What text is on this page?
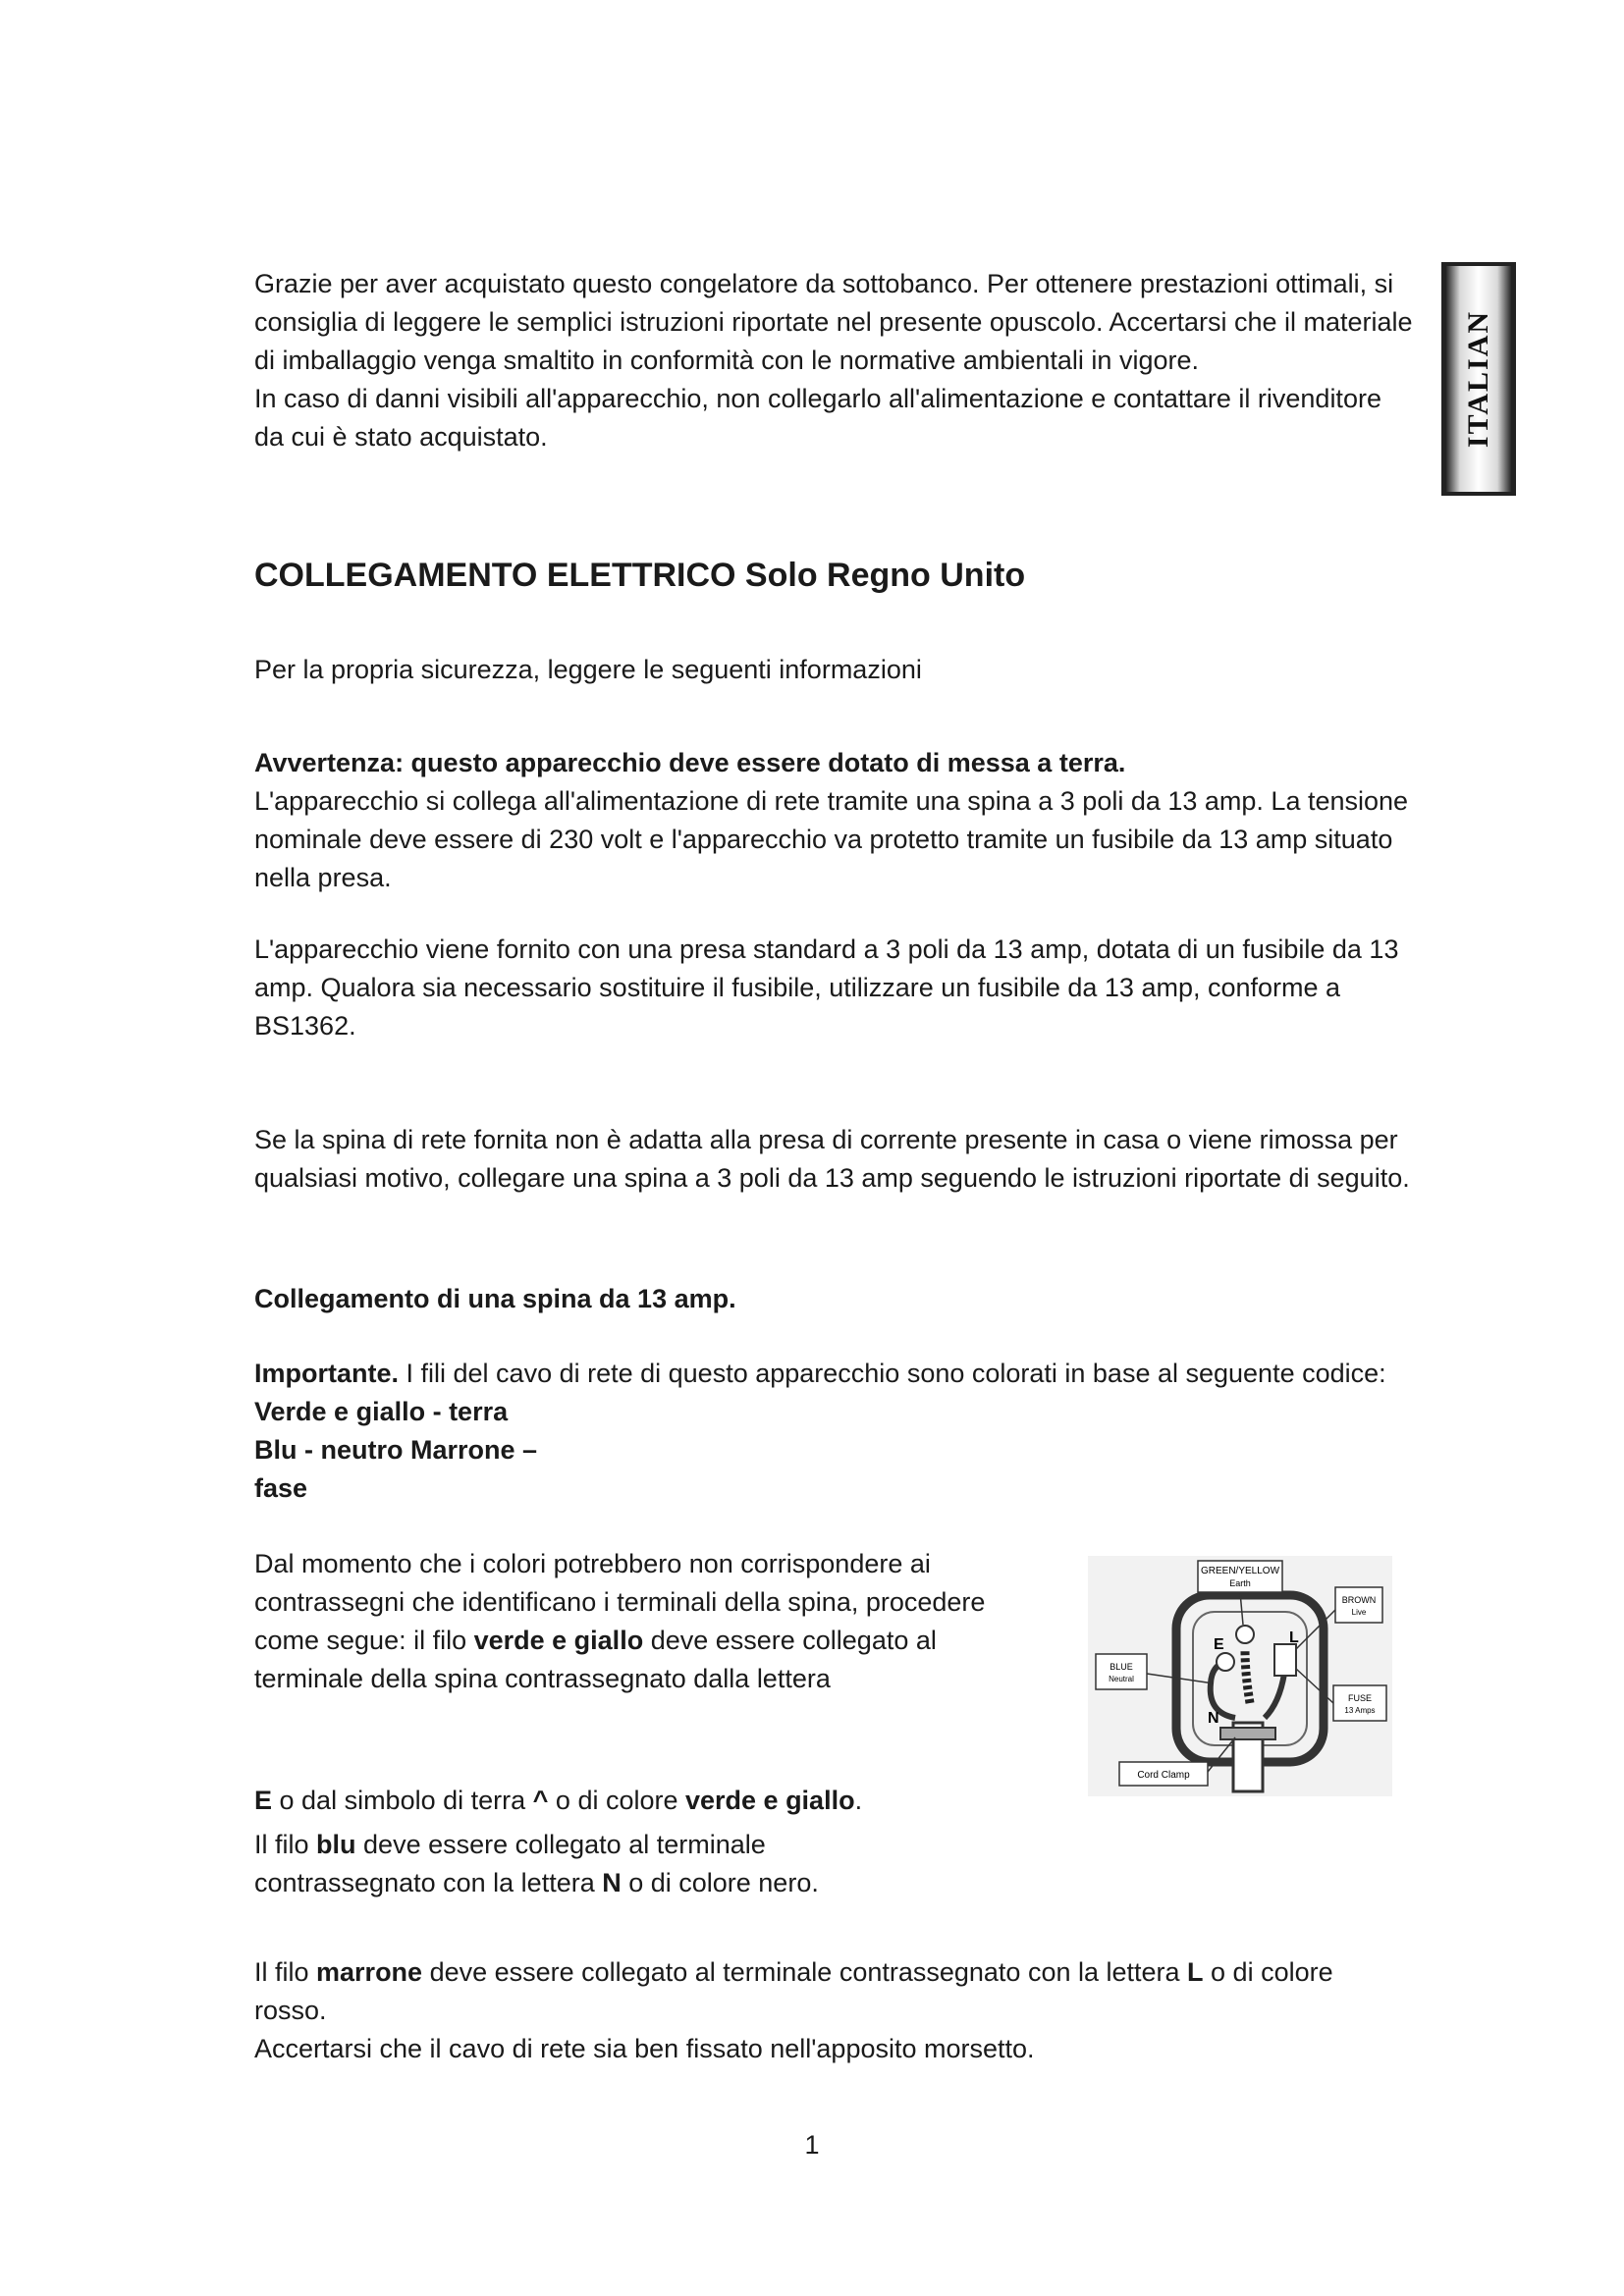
ITALIAN

Grazie per aver acquistato questo congelatore da sottobanco. Per ottenere prestazioni ottimali, si consiglia di leggere le semplici istruzioni riportate nel presente opuscolo. Accertarsi che il materiale di imballaggio venga smaltito in conformità con le normative ambientali in vigore.
In caso di danni visibili all'apparecchio, non collegarlo all'alimentazione e contattare il rivenditore da cui è stato acquistato.

COLLEGAMENTO ELETTRICO Solo Regno Unito

Per la propria sicurezza, leggere le seguenti informazioni

Avvertenza: questo apparecchio deve essere dotato di messa a terra.
L'apparecchio si collega all'alimentazione di rete tramite una spina a 3 poli da 13 amp. La tensione nominale deve essere di 230 volt e l'apparecchio va protetto tramite un fusibile da 13 amp situato nella presa.

L'apparecchio viene fornito con una presa standard a 3 poli da 13 amp, dotata di un fusibile da 13 amp. Qualora sia necessario sostituire il fusibile, utilizzare un fusibile da 13 amp, conforme a
BS1362.

Se la spina di rete fornita non è adatta alla presa di corrente presente in casa o viene rimossa per qualsiasi motivo, collegare una spina a 3 poli da 13 amp seguendo le istruzioni riportate di seguito.

Collegamento di una spina da 13 amp.

Importante. I fili del cavo di rete di questo apparecchio sono colorati in base al seguente codice:
Verde e giallo - terra
Blu - neutro Marrone –
fase

Dal momento che i colori potrebbero non corrispondere ai contrassegni che identificano i terminali della spina, procedere come segue: il filo verde e giallo deve essere collegato al terminale della spina contrassegnato dalla lettera

E o dal simbolo di terra ^ o di colore verde e giallo.

Il filo blu deve essere collegato al terminale contrassegnato con la lettera N o di colore nero.

Il filo marrone deve essere collegato al terminale contrassegnato con la lettera L o di colore rosso.
Accertarsi che il cavo di rete sia ben fissato nell'apposito morsetto.

GREEN/YELLOW
Earth
BROWN
Live
BLUE
Neutral
FUSE
13 Amps
Cord Clamp
E	L
N
1
